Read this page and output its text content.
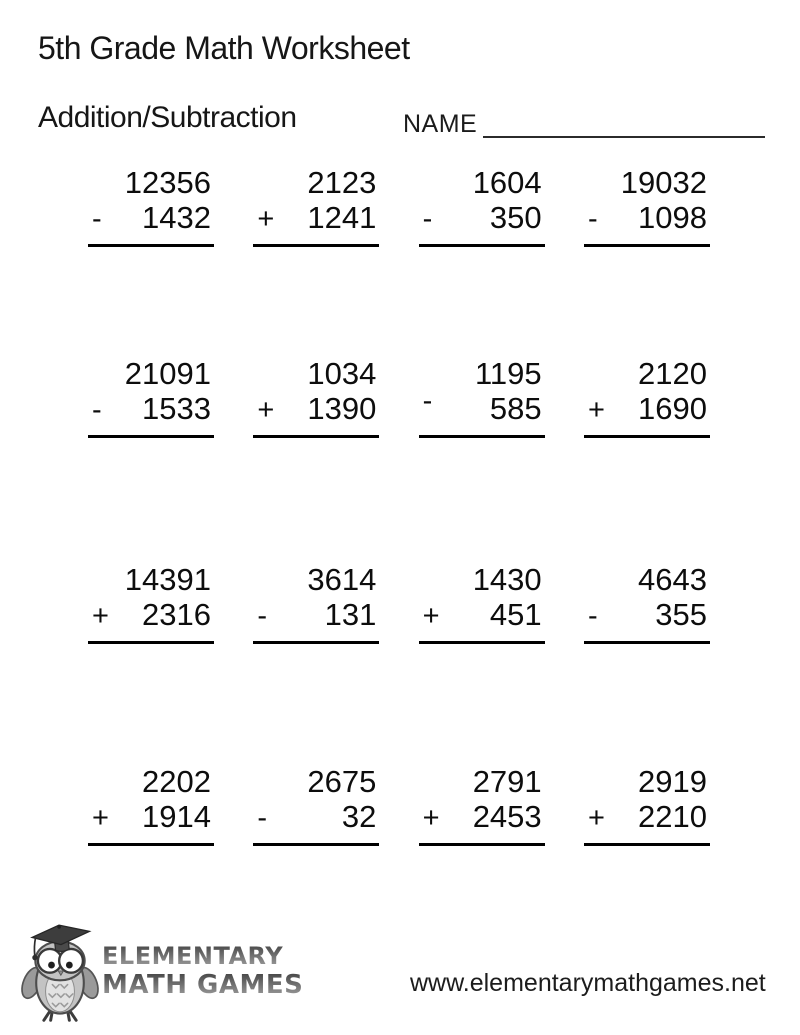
5th Grade Math Worksheet
Addition/Subtraction	NAME
12356
- 1432
2123
+ 1241
1604
- 350
19032
- 1098
21091
- 1533
1034
+ 1390
1195
- 585
2120
+ 1690
14391
+ 2316
3614
- 131
1430
+ 451
4643
- 355
2202
+ 1914
2675
- 32
2791
+ 2453
2919
+ 2210
ELEMENTARY
MATH GAMES	www.elementarymathgames.net
